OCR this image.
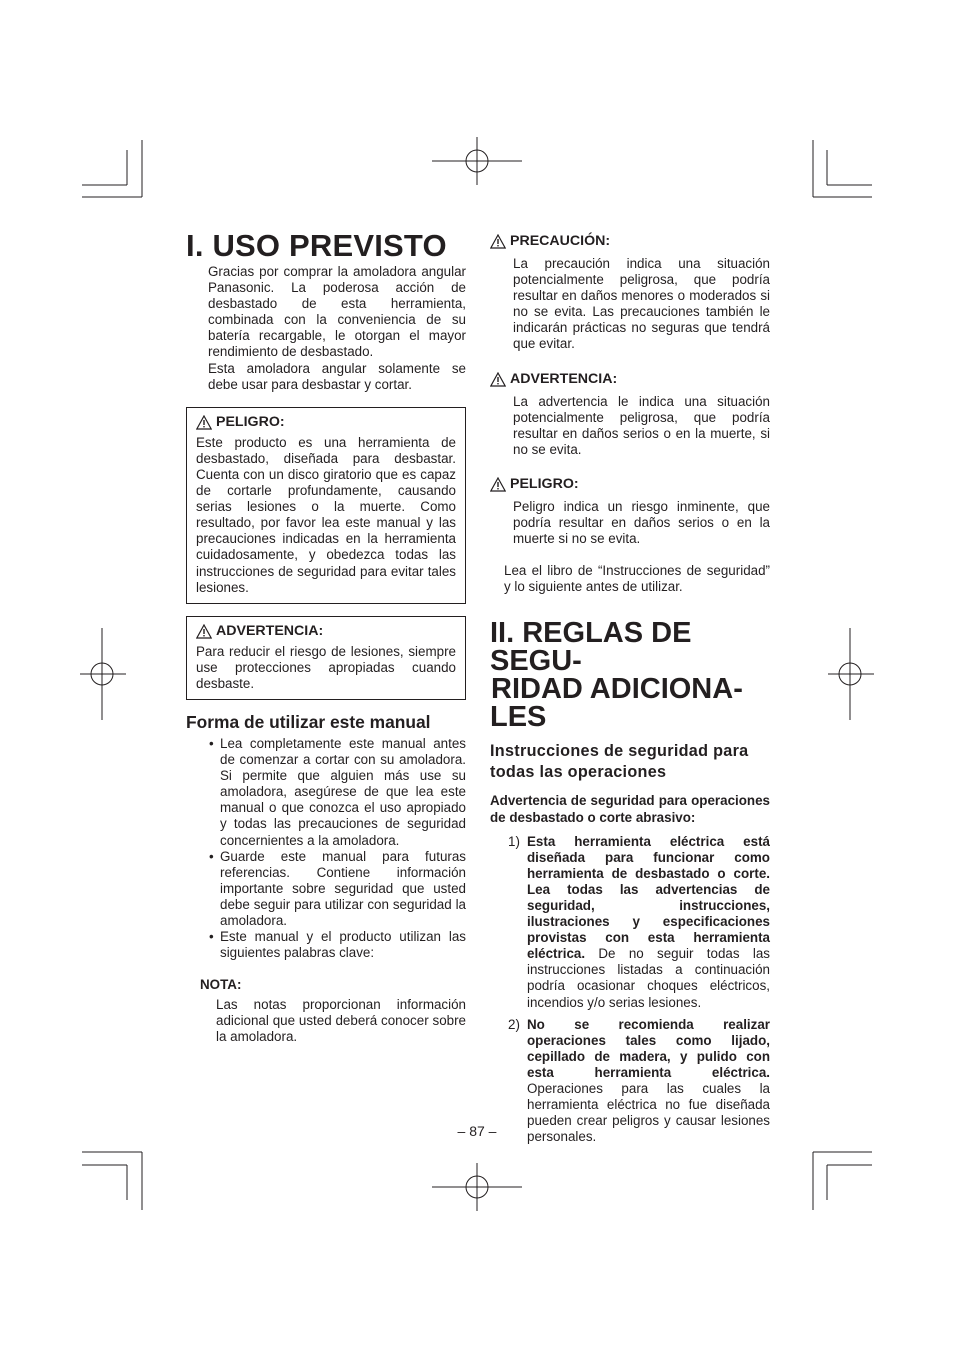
I. USO PREVISTO
Gracias por comprar la amoladora angular Panasonic. La poderosa acción de desbastado de esta herramienta, combinada con la conveniencia de su batería recargable, le otorgan el mayor rendimiento de desbastado.
Esta amoladora angular solamente se debe usar para desbastar y cortar.
PELIGRO:
Este producto es una herramienta de desbastado, diseñada para desbastar. Cuenta con un disco giratorio que es capaz de cortarle profundamente, causando serias lesiones o la muerte. Como resultado, por favor lea este manual y las precauciones indicadas en la herramienta cuidadosamente, y obedezca todas las instrucciones de seguridad para evitar tales lesiones.
ADVERTENCIA:
Para reducir el riesgo de lesiones, siempre use protecciones apropiadas cuando desbaste.
Forma de utilizar este manual
• Lea completamente este manual antes de comenzar a cortar con su amoladora. Si permite que alguien más use su amoladora, asegúrese de que lea este manual o que conozca el uso apropiado y todas las precauciones de seguridad concernientes a la amoladora.
• Guarde este manual para futuras referencias. Contiene información importante sobre seguridad que usted debe seguir para utilizar con seguridad la amoladora.
• Este manual y el producto utilizan las siguientes palabras clave:
NOTA:
Las notas proporcionan información adicional que usted deberá conocer sobre la amoladora.
PRECAUCIÓN:
La precaución indica una situación potencialmente peligrosa, que podría resultar en daños menores o moderados si no se evita. Las precauciones también le indicarán prácticas no seguras que tendrá que evitar.
ADVERTENCIA:
La advertencia le indica una situación potencialmente peligrosa, que podría resultar en daños serios o en la muerte, si no se evita.
PELIGRO:
Peligro indica un riesgo inminente, que podría resultar en daños serios o en la muerte si no se evita.
Lea el libro de “Instrucciones de seguridad” y lo siguiente antes de utilizar.
II. REGLAS DE SEGU-
RIDAD ADICIONA-
LES
Instrucciones de seguridad para todas las operaciones
Advertencia de seguridad para operaciones de desbastado o corte abrasivo:
1) Esta herramienta eléctrica está diseñada para funcionar como herramienta de desbastado o corte. Lea todas las advertencias de seguridad, instrucciones, ilustraciones y especificaciones provistas con esta herramienta eléctrica. De no seguir todas las instrucciones listadas a continuación podría ocasionar choques eléctricos, incendios y/o serias lesiones.
2) No se recomienda realizar operaciones tales como lijado, cepillado de madera, y pulido con esta herramienta eléctrica. Operaciones para las cuales la herramienta eléctrica no fue diseñada pueden crear peligros y causar lesiones personales.
– 87 –
